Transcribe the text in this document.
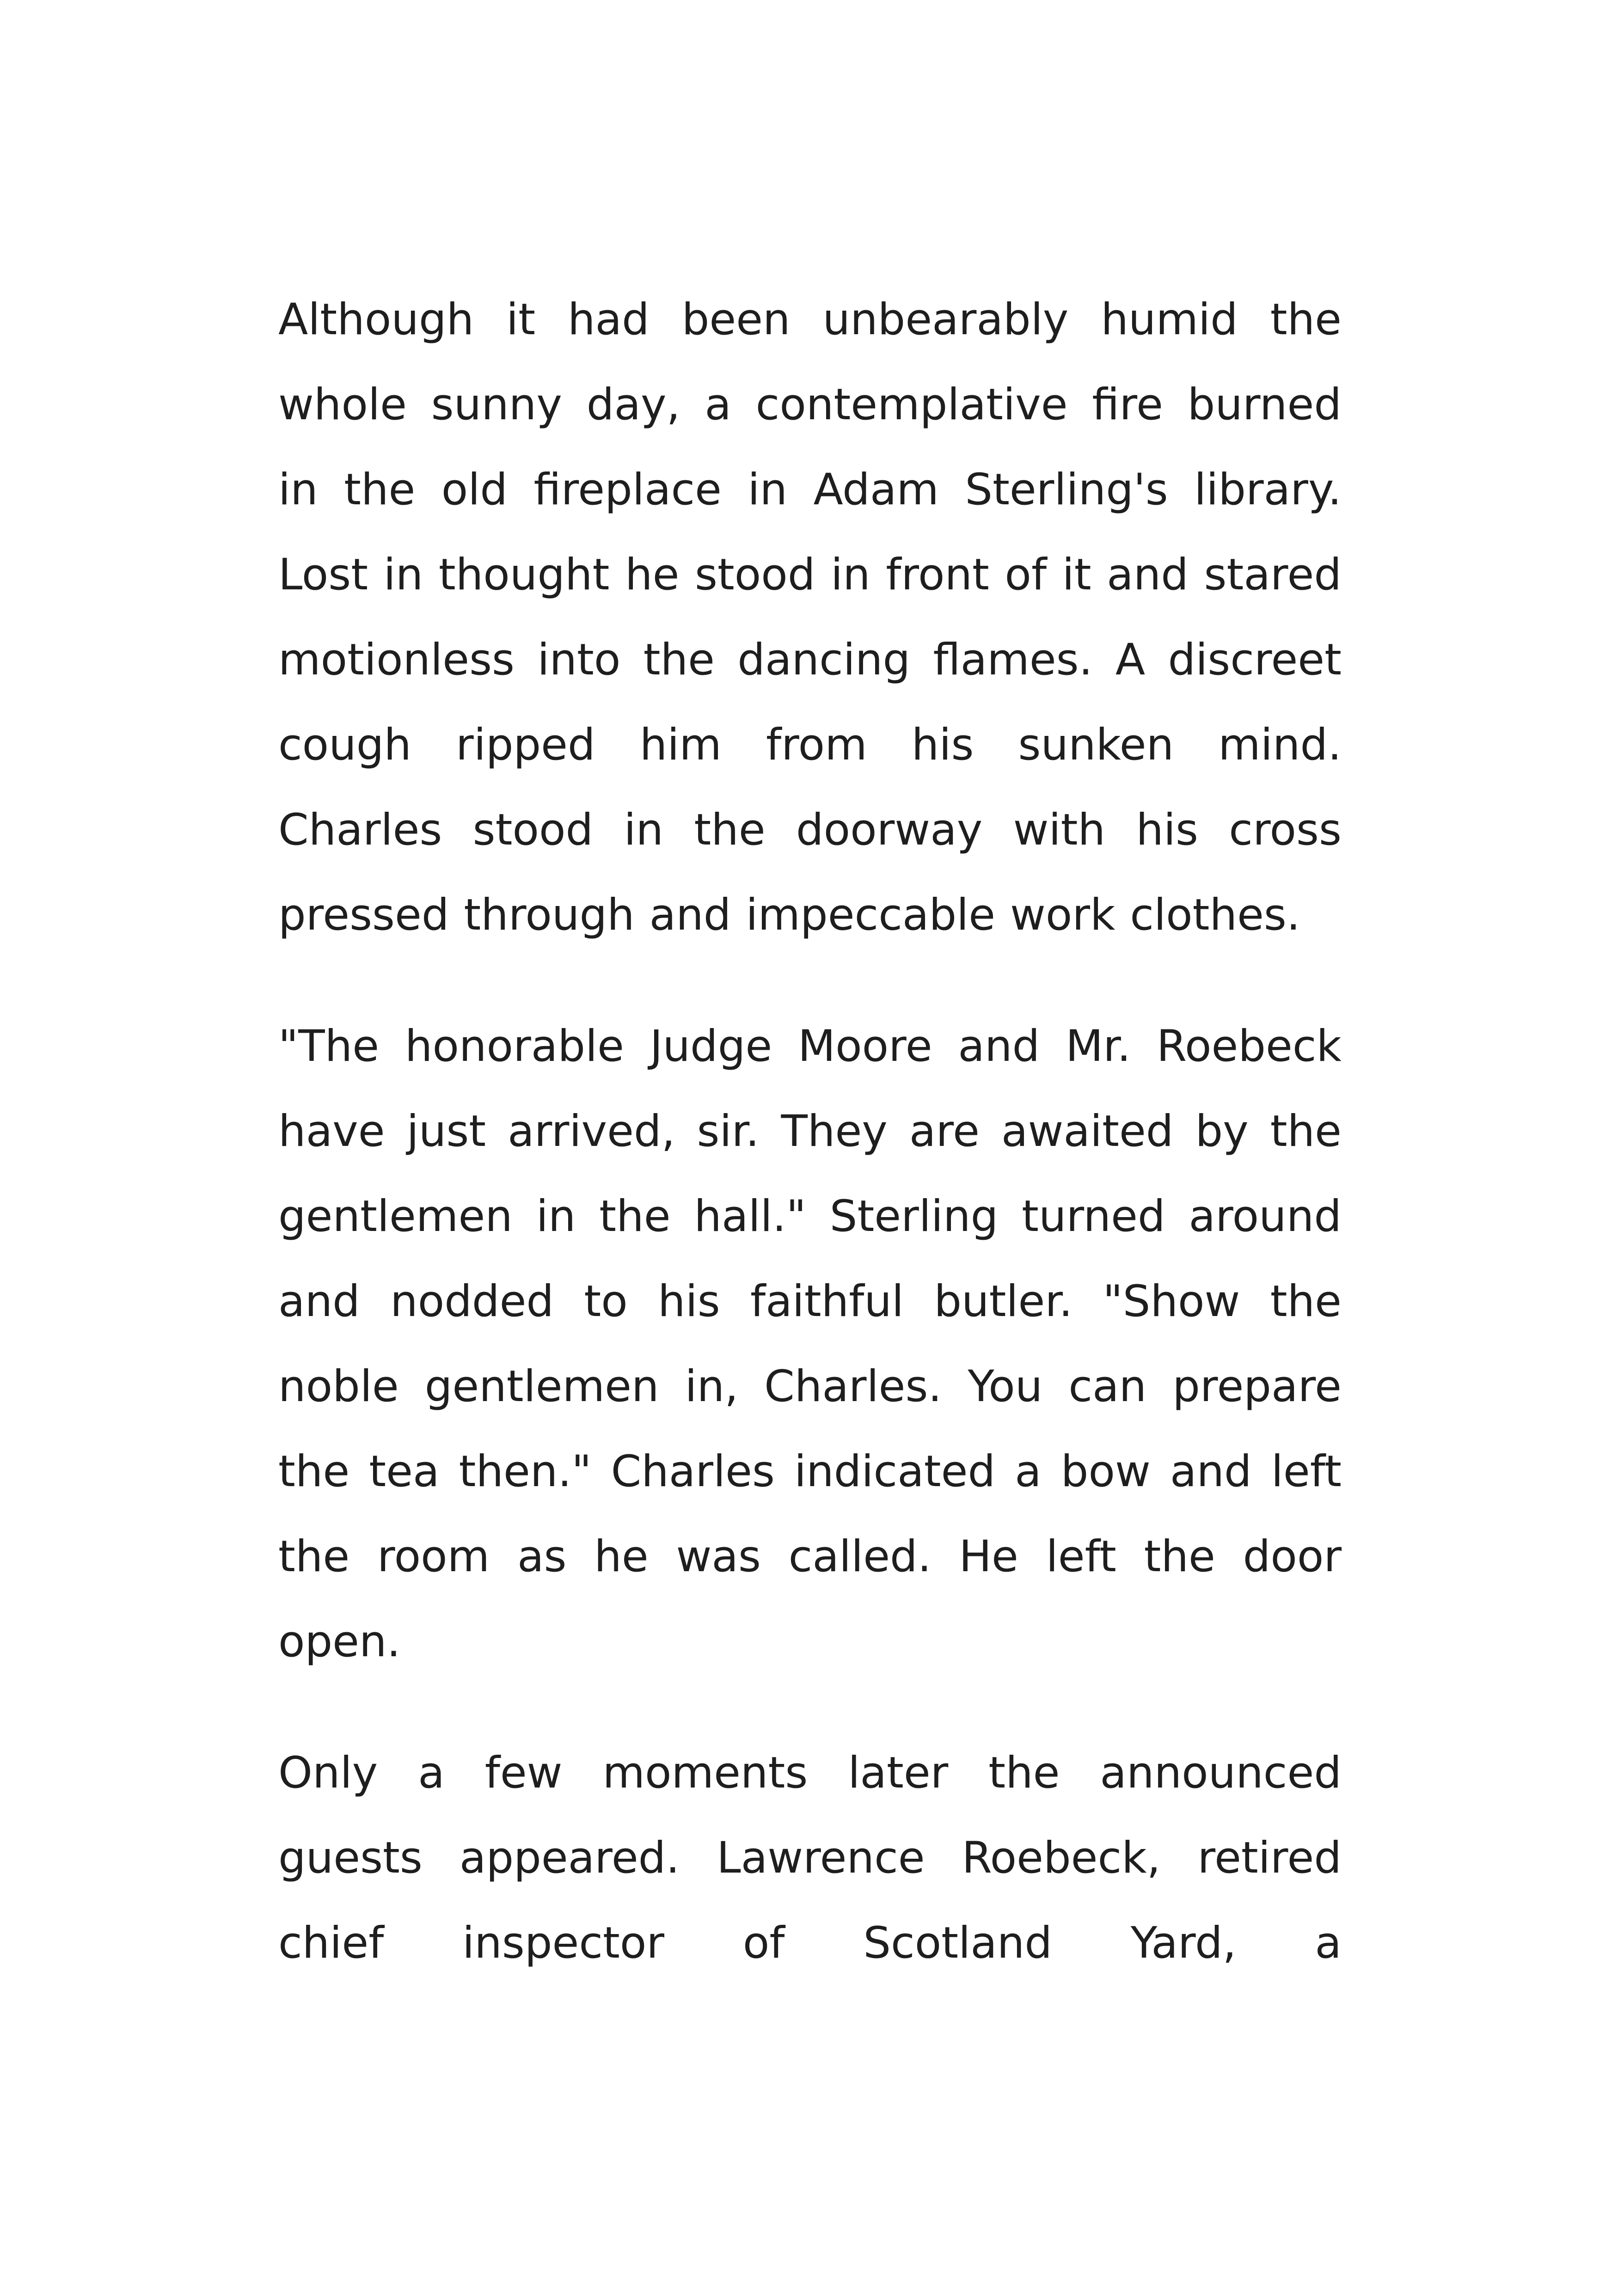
Although it had been unbearably humid the
whole sunny day, a contemplative fire burned
in the old fireplace in Adam Sterling's library.
Lost in thought he stood in front of it and stared
motionless into the dancing flames. A discreet
cough ripped him from his sunken mind.
Charles stood in the doorway with his cross
pressed through and impeccable work clothes.

"The honorable Judge Moore and Mr. Roebeck
have just arrived, sir. They are awaited by the
gentlemen in the hall." Sterling turned around
and nodded to his faithful butler. "Show the
noble gentlemen in, Charles. You can prepare
the tea then." Charles indicated a bow and left
the room as he was called. He left the door
open.

Only a few moments later the announced
guests appeared. Lawrence Roebeck, retired
chief inspector of Scotland Yard, a
